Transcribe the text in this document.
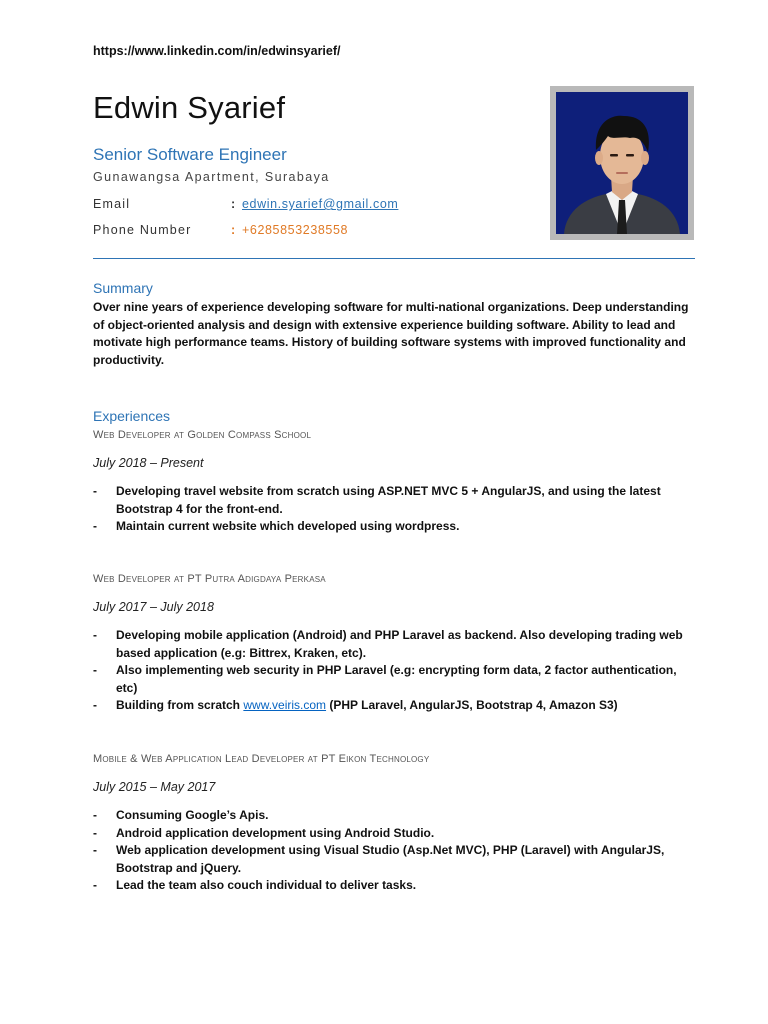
https://www.linkedin.com/in/edwinsyarief/
Edwin Syarief
Senior Software Engineer
Gunawangsa Apartment, Surabaya
Email	: edwin.syarief@gmail.com
Phone Number	: +6285853238558
Summary
Over nine years of experience developing software for multi-national organizations. Deep understanding of object-oriented analysis and design with extensive experience building software. Ability to lead and motivate high performance teams. History of building software systems with improved functionality and productivity.
Experiences
Web Developer at Golden Compass School
July 2018 – Present
- Developing travel website from scratch using ASP.NET MVC 5 + AngularJS, and using the latest Bootstrap 4 for the front-end.
- Maintain current website which developed using wordpress.
Web Developer at PT Putra Adigdaya Perkasa
July 2017 – July 2018
- Developing mobile application (Android) and PHP Laravel as backend. Also developing trading web based application (e.g: Bittrex, Kraken, etc).
- Also implementing web security in PHP Laravel (e.g: encrypting form data, 2 factor authentication, etc)
- Building from scratch www.veiris.com (PHP Laravel, AngularJS, Bootstrap 4, Amazon S3)
Mobile & Web Application Lead Developer at PT Eikon Technology
July 2015 – May 2017
- Consuming Google’s Apis.
- Android application development using Android Studio.
- Web application development using Visual Studio (Asp.Net MVC), PHP (Laravel) with AngularJS, Bootstrap and jQuery.
- Lead the team also couch individual to deliver tasks.
